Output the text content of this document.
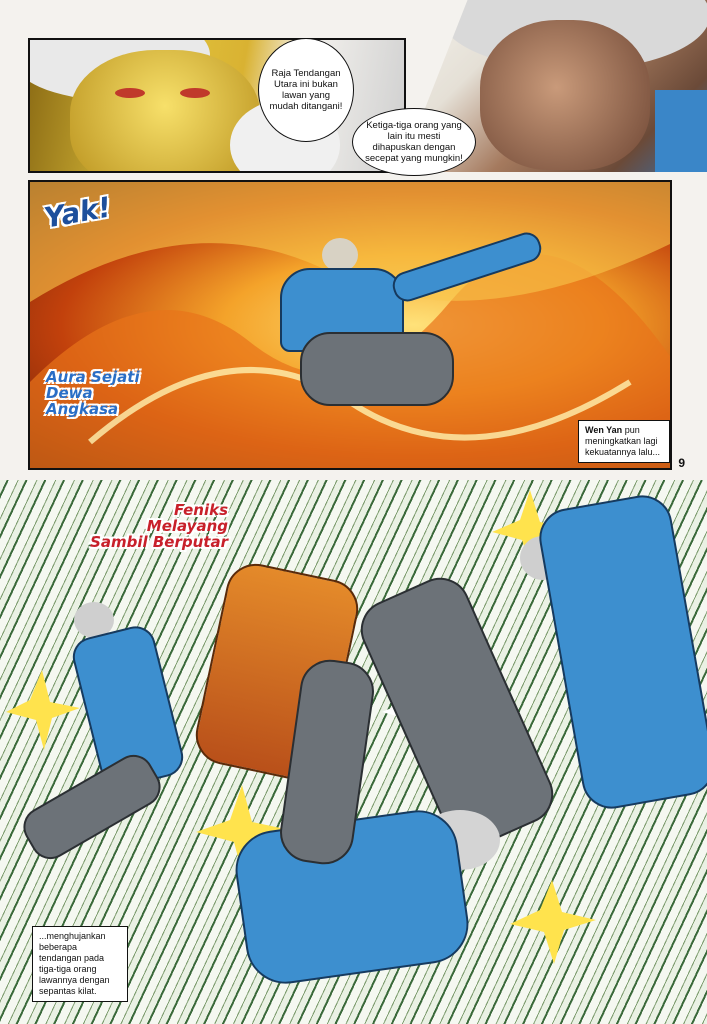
Raja Tendangan Utara ini bukan lawan yang mudah ditangani!
Ketiga-tiga orang yang lain itu mesti dihapuskan dengan secepat yang mungkin!
Yak!
Aura Sejati Dewa Angkasa
Wen Yan pun meningkatkan lagi kekuatannya lalu...
9
Feniks Melayang Sambil Berputar
...menghujankan beberapa tendangan pada tiga-tiga orang lawannya dengan sepantas kilat.
